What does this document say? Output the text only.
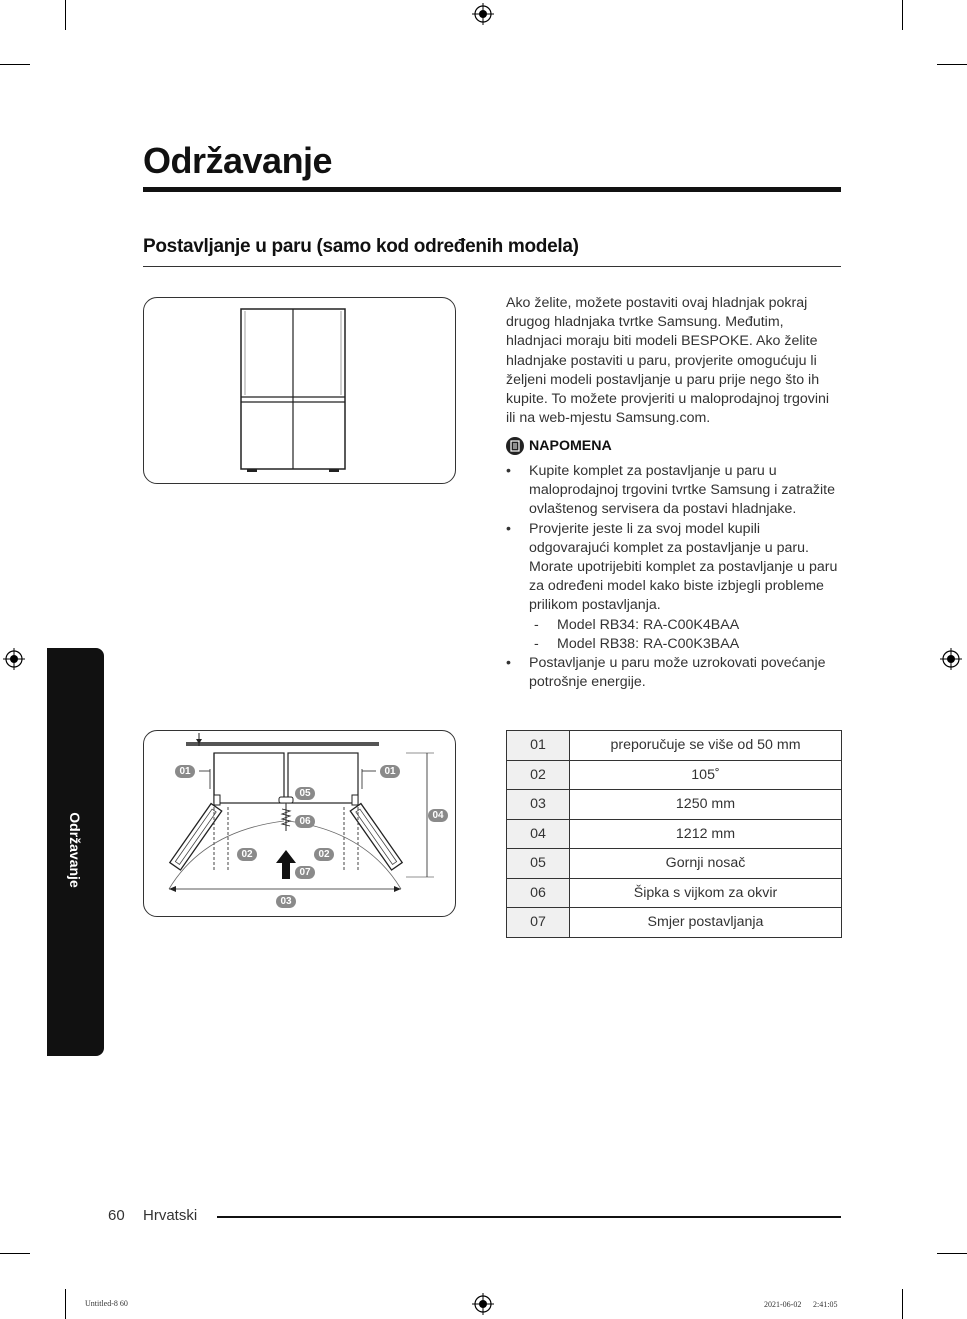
Održavanje
Postavljanje u paru (samo kod određenih modela)
Održavanje
01	01
04
05
06
02	02
07
03
Ako želite, možete postaviti ovaj hladnjak pokraj drugog hladnjaka tvrtke Samsung. Međutim, hladnjaci moraju biti modeli BESPOKE. Ako želite hladnjake postaviti u paru, provjerite omogućuju li željeni modeli postavljanje u paru prije nego što ih kupite. To možete provjeriti u maloprodajnoj trgovini ili na web-mjestu Samsung.com.
NAPOMENA
•	Kupite komplet za postavljanje u paru u maloprodajnoj trgovini tvrtke Samsung i zatražite ovlaštenog servisera da postavi hladnjake.
•	Provjerite jeste li za svoj model kupili odgovarajući komplet za postavljanje u paru. Morate upotrijebiti komplet za postavljanje u paru za određeni model kako biste izbjegli probleme prilikom postavljanja.
-	Model RB34: RA-C00K4BAA
-	Model RB38: RA-C00K3BAA
•	Postavljanje u paru može uzrokovati povećanje potrošnje energije.
01	preporučuje se više od 50 mm
02	105˚
03	1250 mm
04	1212 mm
05	Gornji nosač
06	Šipka s vijkom za okvir
07	Smjer postavljanja
60 Hrvatski
Untitled-8 60	2021-06-02 ﾠ 2:41:05
